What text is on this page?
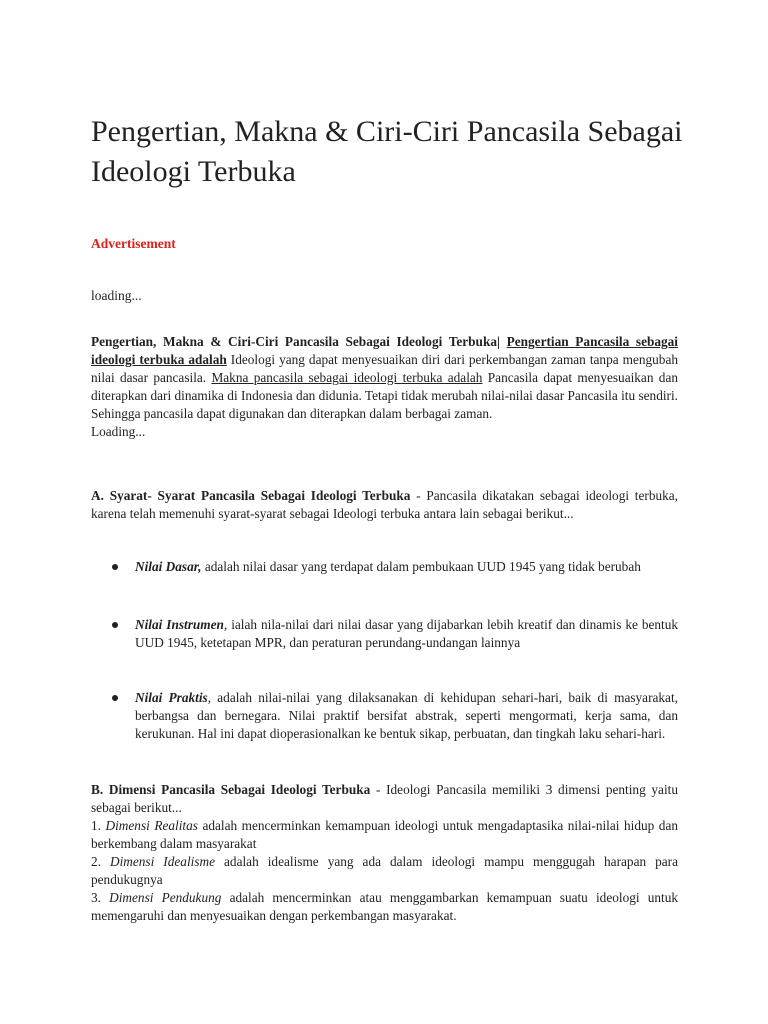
Pengertian, Makna & Ciri-Ciri Pancasila Sebagai Ideologi Terbuka
Advertisement
loading...
Pengertian, Makna & Ciri-Ciri Pancasila Sebagai Ideologi Terbuka| Pengertian Pancasila sebagai ideologi terbuka adalah Ideologi yang dapat menyesuaikan diri dari perkembangan zaman tanpa mengubah nilai dasar pancasila. Makna pancasila sebagai ideologi terbuka adalah Pancasila dapat menyesuaikan dan diterapkan dari dinamika di Indonesia dan didunia. Tetapi tidak merubah nilai-nilai dasar Pancasila itu sendiri. Sehingga pancasila dapat digunakan dan diterapkan dalam berbagai zaman.
Loading...
A. Syarat- Syarat Pancasila Sebagai Ideologi Terbuka - Pancasila dikatakan sebagai ideologi terbuka, karena telah memenuhi syarat-syarat sebagai Ideologi terbuka antara lain sebagai berikut...
Nilai Dasar, adalah nilai dasar yang terdapat dalam pembukaan UUD 1945 yang tidak berubah
Nilai Instrumen, ialah nila-nilai dari nilai dasar yang dijabarkan lebih kreatif dan dinamis ke bentuk UUD 1945, ketetapan MPR, dan peraturan perundang-undangan lainnya
Nilai Praktis, adalah nilai-nilai yang dilaksanakan di kehidupan sehari-hari, baik di masyarakat, berbangsa dan bernegara. Nilai praktif bersifat abstrak, seperti mengormati, kerja sama, dan kerukunan. Hal ini dapat dioperasionalkan ke bentuk sikap, perbuatan, dan tingkah laku sehari-hari.
B. Dimensi Pancasila Sebagai Ideologi Terbuka - Ideologi Pancasila memiliki 3 dimensi penting yaitu sebagai berikut...
1. Dimensi Realitas adalah mencerminkan kemampuan ideologi untuk mengadaptasika nilai-nilai hidup dan berkembang dalam masyarakat
2. Dimensi Idealisme adalah idealisme yang ada dalam ideologi mampu menggugah harapan para pendukugnya
3. Dimensi Pendukung adalah mencerminkan atau menggambarkan kemampuan suatu ideologi untuk memengaruhi dan menyesuaikan dengan perkembangan masyarakat.
